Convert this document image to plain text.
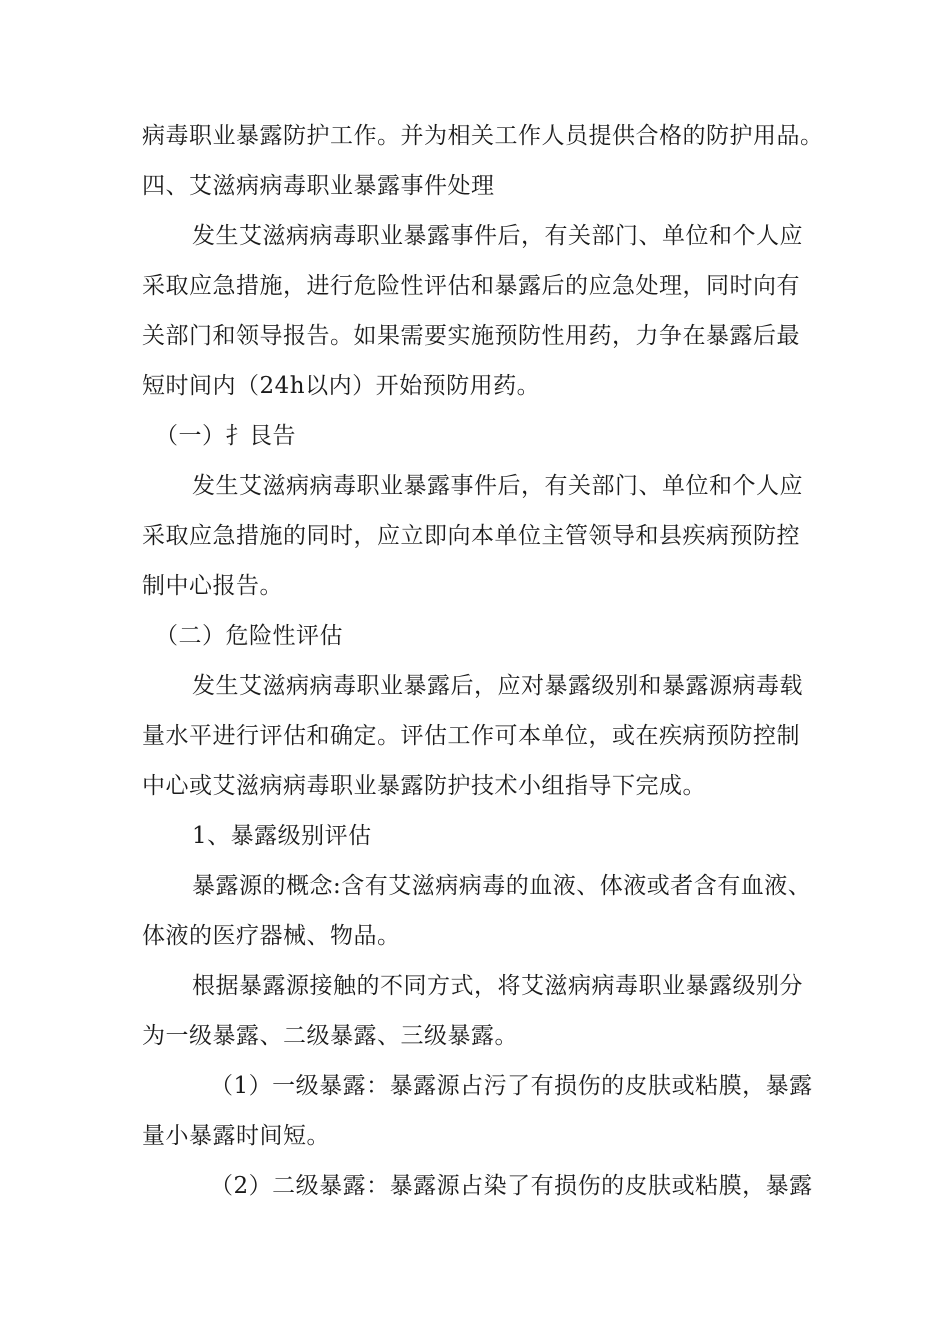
病毒职业暴露防护工作。并为相关工作人员提供合格的防护用品。
四、艾滋病病毒职业暴露事件处理
发生艾滋病病毒职业暴露事件后，有关部门、单位和个人应
采取应急措施，进行危险性评估和暴露后的应急处理，同时向有
关部门和领导报告。如果需要实施预防性用药，力争在暴露后最
短时间内（24h以内）开始预防用药。
（一）扌艮告
发生艾滋病病毒职业暴露事件后，有关部门、单位和个人应
采取应急措施的同时，应立即向本单位主管领导和县疾病预防控
制中心报告。
（二）危险性评估
发生艾滋病病毒职业暴露后，应对暴露级别和暴露源病毒载
量水平进行评估和确定。评估工作可本单位，或在疾病预防控制
中心或艾滋病病毒职业暴露防护技术小组指导下完成。
1、暴露级别评估
暴露源的概念:含有艾滋病病毒的血液、体液或者含有血液、
体液的医疗器械、物品。
根据暴露源接触的不同方式，将艾滋病病毒职业暴露级别分
为一级暴露、二级暴露、三级暴露。
（1）一级暴露：暴露源占污了有损伤的皮肤或粘膜，暴露
量小暴露时间短。
（2）二级暴露：暴露源占染了有损伤的皮肤或粘膜，暴露
